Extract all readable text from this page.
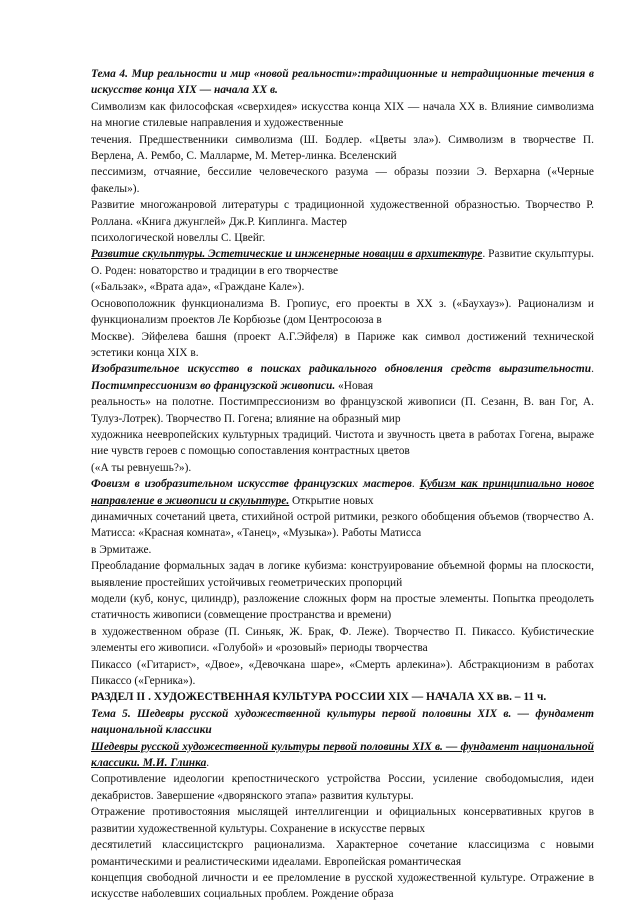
Тема 4. Мир реальности и мир «новой реальности»:традиционные и нетрадиционные течения в искусстве конца XIX — начала XX в.
Символизм как философская «сверхидея» искусства конца XIX — начала XX в. Влияние символизма на многие стилевые направления и художественные
течения. Предшественники символизма (Ш. Бодлер. «Цветы зла»). Символизм в творчестве П. Верлена, А. Рембо, С. Малларме, М. Метер-линка. Вселенский
пессимизм, отчаяние, бессилие человеческого разума — образы поэзии Э. Верхарна («Черные факелы»).
Развитие многожанровой литературы с традиционной художественной образностью. Творчество Р. Роллана. «Книга джунглей» Дж.Р. Киплинга. Мастер
психологической новеллы С. Цвейг.
Развитие скульптуры. Эстетические и инженерные новации в архитектуре. Развитие скульптуры. О. Роден: новаторство и традиции в его творчестве
(«Бальзак», «Врата ада», «Граждане Кале»).
Основоположник функционализма В. Гропиус, его проекты в XX з. («Баухауз»). Рационализм и функционализм проектов Ле Корбюзье (дом Центросоюза в
Москве). Эйфелева башня (проект А.Г.Эйфеля) в Париже как символ достижений технической эстетики конца XIX в.
Изобразительное искусство в поисках радикального обновления средств выразительности. Постимпрессионизм во французской живописи. «Новая
реальность» на полотне. Постимпрессионизм во французской живописи (П. Сезанн, В. ван Гог, А. Тулуз-Лотрек). Творчество П. Гогена; влияние на образный мир
художника неевропейских культурных традиций. Чистота и звучность цвета в работах Гогена, выраже ние чувств героев с помощью сопоставления контрастных цветов
(«А ты ревнуешь?»).
Фовизм в изобразительном искусстве французских мастеров. Кубизм как принципиально новое направление в живописи и скульптуре. Открытие новых
динамичных сочетаний цвета, стихийной острой ритмики, резкого обобщения объемов (творчество А. Матисса: «Красная комната», «Танец», «Музыка»). Работы Матисса
в Эрмитаже.
Преобладание формальных задач в логике кубизма: конструирование объемной формы на плоскости, выявление простейших устойчивых геометрических пропорций
модели (куб, конус, цилиндр), разложение сложных форм на простые элементы. Попытка преодолеть статичность живописи (совмещение пространства и времени)
в художественном образе (П. Синьяк, Ж. Брак, Ф. Леже). Творчество П. Пикассо. Кубистические элементы его живописи. «Голубой» и «розовый» периоды творчества
Пикассо («Гитарист», «Двое», «Девочканa шаре», «Смерть арлекина»). Абстракционизм в работах Пикассо («Герника»).
РАЗДЕЛ II . ХУДОЖЕСТВЕННАЯ КУЛЬТУРА РОССИИ XIX — НАЧАЛА XX вв. – 11 ч.
Тема 5. Шедевры русской художественной культуры первой половины XIX в. — фундамент национальной классики
Шедевры русской художественной культуры первой половины XIX в. — фундамент национальной классики. М.И. Глинка.
Сопротивление идеологии крепостнического устройства России, усиление свободомыслия, идеи декабристов. Завершение «дворянского этапа» развития культуры.
Отражение противостояния мыслящей интеллигенции и официальных консервативных кругов в развитии художественной культуры. Сохранение в искусстве первых
десятилетий классицистскрго рационализма. Характерное сочетание классицизма с новыми романтическими и реалистическими идеалами. Европейская романтическая
концепция свободной личности и ее преломление в русской художественной культуре. Отражение в искусстве наболевших социальных проблем. Рождение образа
